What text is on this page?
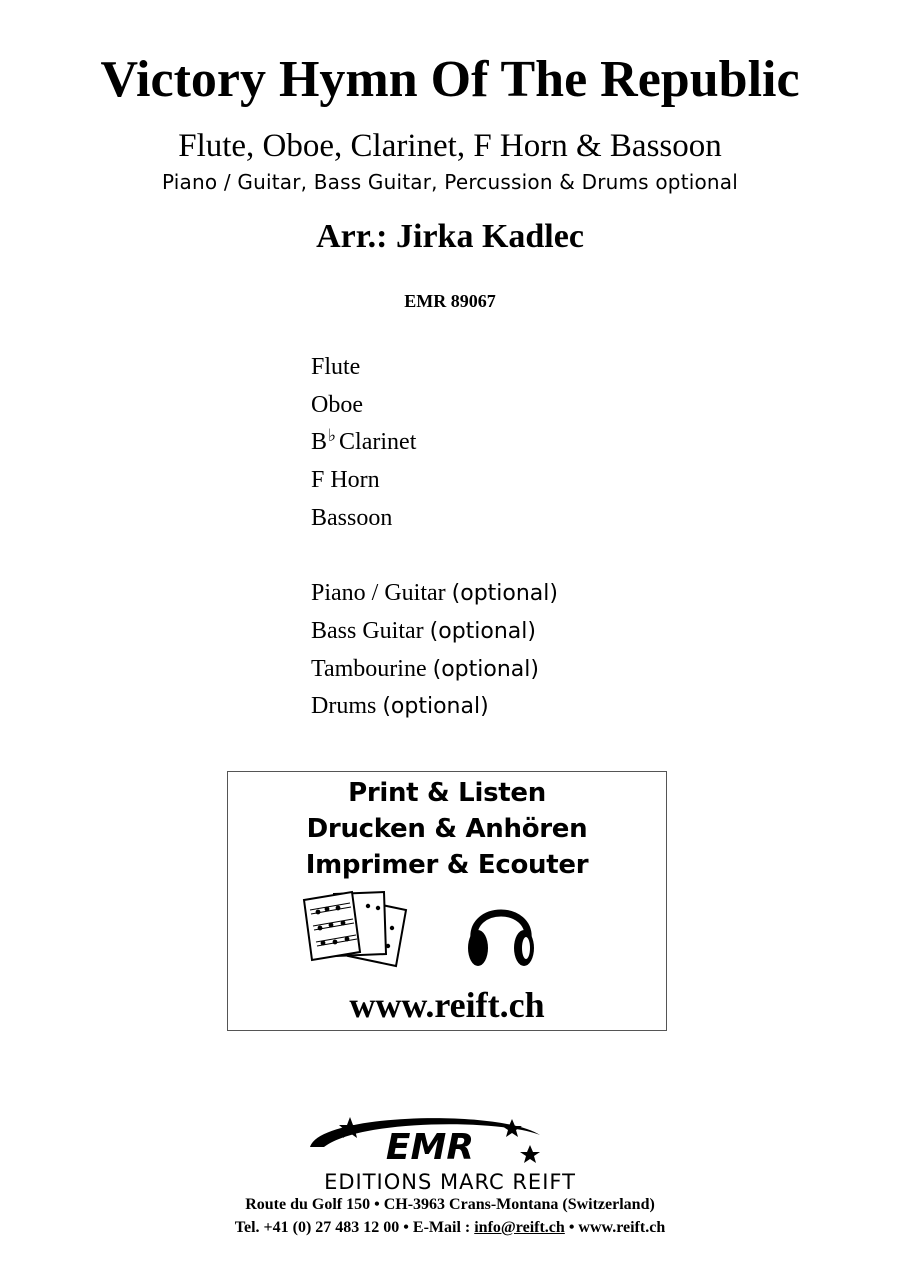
Victory Hymn Of The Republic
Flute, Oboe, Clarinet, F Horn & Bassoon
Piano / Guitar, Bass Guitar, Percussion & Drums optional
Arr.: Jirka Kadlec
EMR 89067
Flute
Oboe
B♭ Clarinet
F Horn
Bassoon
Piano / Guitar (optional)
Bass Guitar (optional)
Tambourine (optional)
Drums (optional)
Print & Listen
Drucken & Anhören
Imprimer & Ecouter
www.reift.ch
EMR
EDITIONS MARC REIFT
Route du Golf 150 • CH-3963 Crans-Montana (Switzerland)
Tel. +41 (0) 27 483 12 00 • E-Mail : info@reift.ch • www.reift.ch
